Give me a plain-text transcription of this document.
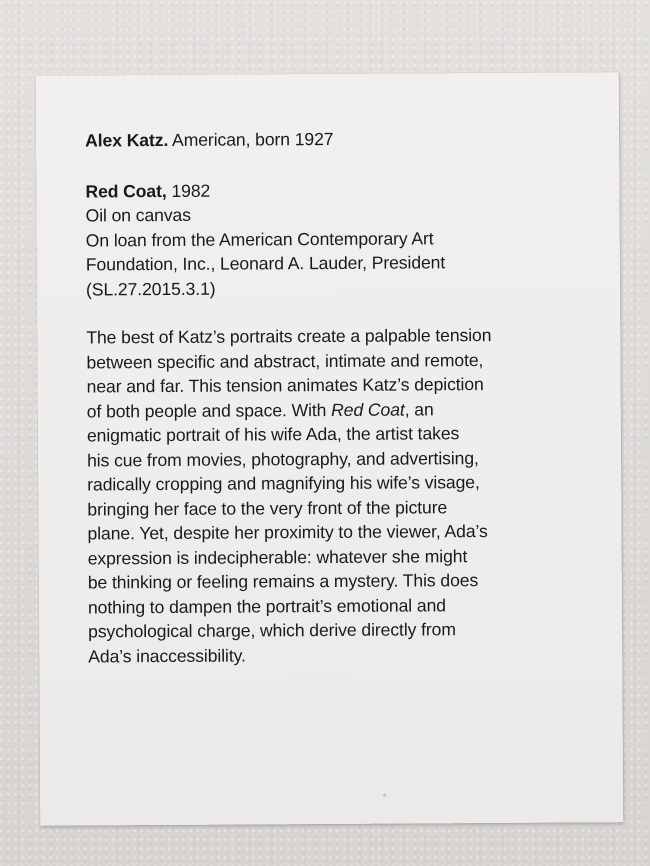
Alex Katz. American, born 1927

Red Coat, 1982
Oil on canvas
On loan from the American Contemporary Art
Foundation, Inc., Leonard A. Lauder, President
(SL.27.2015.3.1)

The best of Katz’s portraits create a palpable tension
between specific and abstract, intimate and remote,
near and far. This tension animates Katz’s depiction
of both people and space. With Red Coat, an
enigmatic portrait of his wife Ada, the artist takes
his cue from movies, photography, and advertising,
radically cropping and magnifying his wife’s visage,
bringing her face to the very front of the picture
plane. Yet, despite her proximity to the viewer, Ada’s
expression is indecipherable: whatever she might
be thinking or feeling remains a mystery. This does
nothing to dampen the portrait’s emotional and
psychological charge, which derive directly from
Ada’s inaccessibility.
